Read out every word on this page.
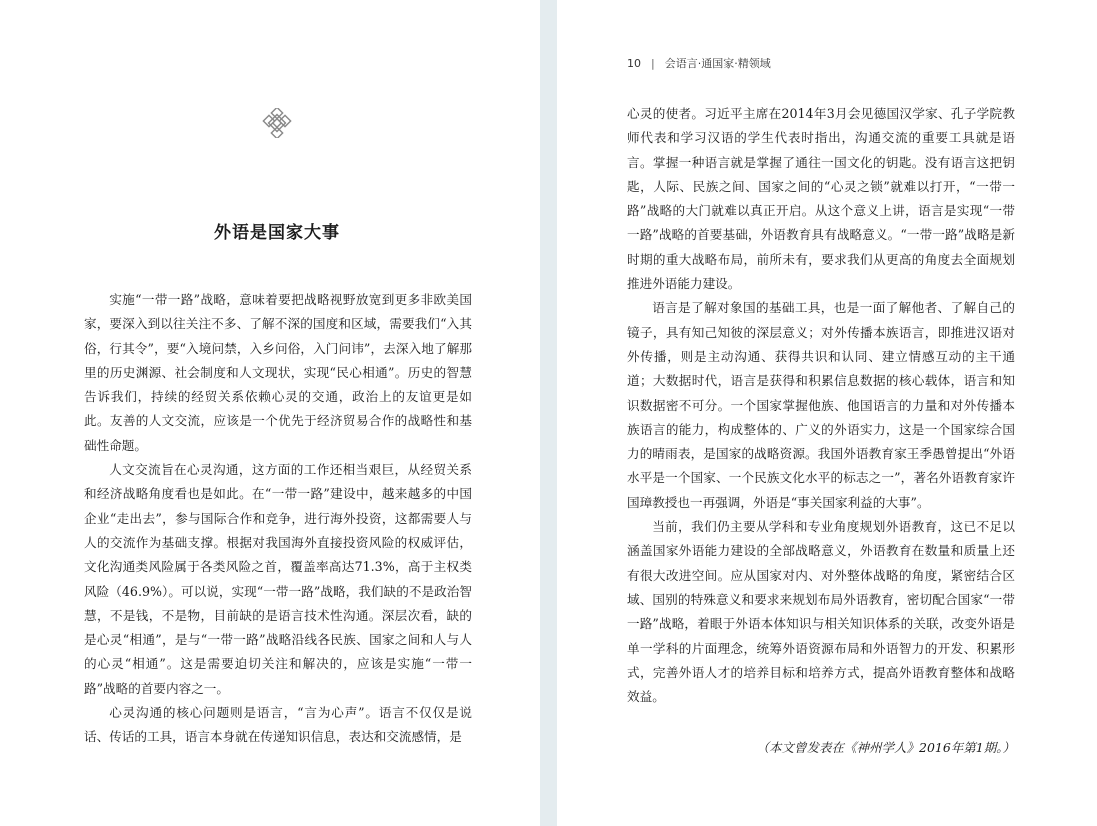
外语是国家大事

实施“一带一路”战略，意味着要把战略视野放宽到更多非欧美国家，要深入到以往关注不多、了解不深的国度和区域，需要我们“入其俗，行其令”，要“入境问禁，入乡问俗，入门问讳”，去深入地了解那里的历史渊源、社会制度和人文现状，实现“民心相通”。历史的智慧告诉我们，持续的经贸关系依赖心灵的交通，政治上的友谊更是如此。友善的人文交流，应该是一个优先于经济贸易合作的战略性和基础性命题。

人文交流旨在心灵沟通，这方面的工作还相当艰巨，从经贸关系和经济战略角度看也是如此。在“一带一路”建设中，越来越多的中国企业“走出去”，参与国际合作和竞争，进行海外投资，这都需要人与人的交流作为基础支撑。根据对我国海外直接投资风险的权威评估，文化沟通类风险属于各类风险之首，覆盖率高达71.3%，高于主权类风险（46.9%）。可以说，实现“一带一路”战略，我们缺的不是政治智慧，不是钱，不是物，目前缺的是语言技术性沟通。深层次看，缺的是心灵“相通”，是与“一带一路”战略沿线各民族、国家之间和人与人的心灵“相通”。这是需要迫切关注和解决的，应该是实施“一带一路”战略的首要内容之一。

心灵沟通的核心问题则是语言，“言为心声”。语言不仅仅是说话、传话的工具，语言本身就在传递知识信息，表达和交流感情，是

10 | 会语言·通国家·精领域

心灵的使者。习近平主席在2014年3月会见德国汉学家、孔子学院教师代表和学习汉语的学生代表时指出，沟通交流的重要工具就是语言。掌握一种语言就是掌握了通往一国文化的钥匙。没有语言这把钥匙，人际、民族之间、国家之间的“心灵之锁”就难以打开，“一带一路”战略的大门就难以真正开启。从这个意义上讲，语言是实现“一带一路”战略的首要基础，外语教育具有战略意义。“一带一路”战略是新时期的重大战略布局，前所未有，要求我们从更高的角度去全面规划推进外语能力建设。

语言是了解对象国的基础工具，也是一面了解他者、了解自己的镜子，具有知己知彼的深层意义；对外传播本族语言，即推进汉语对外传播，则是主动沟通、获得共识和认同、建立情感互动的主干通道；大数据时代，语言是获得和积累信息数据的核心载体，语言和知识数据密不可分。一个国家掌握他族、他国语言的力量和对外传播本族语言的能力，构成整体的、广义的外语实力，这是一个国家综合国力的晴雨表，是国家的战略资源。我国外语教育家王季愚曾提出“外语水平是一个国家、一个民族文化水平的标志之一”，著名外语教育家许国璋教授也一再强调，外语是“事关国家利益的大事”。

当前，我们仍主要从学科和专业角度规划外语教育，这已不足以涵盖国家外语能力建设的全部战略意义，外语教育在数量和质量上还有很大改进空间。应从国家对内、对外整体战略的角度，紧密结合区域、国别的特殊意义和要求来规划布局外语教育，密切配合国家“一带一路”战略，着眼于外语本体知识与相关知识体系的关联，改变外语是单一学科的片面理念，统筹外语资源布局和外语智力的开发、积累形式，完善外语人才的培养目标和培养方式，提高外语教育整体和战略效益。

（本文曾发表在《神州学人》2016年第1期。）
